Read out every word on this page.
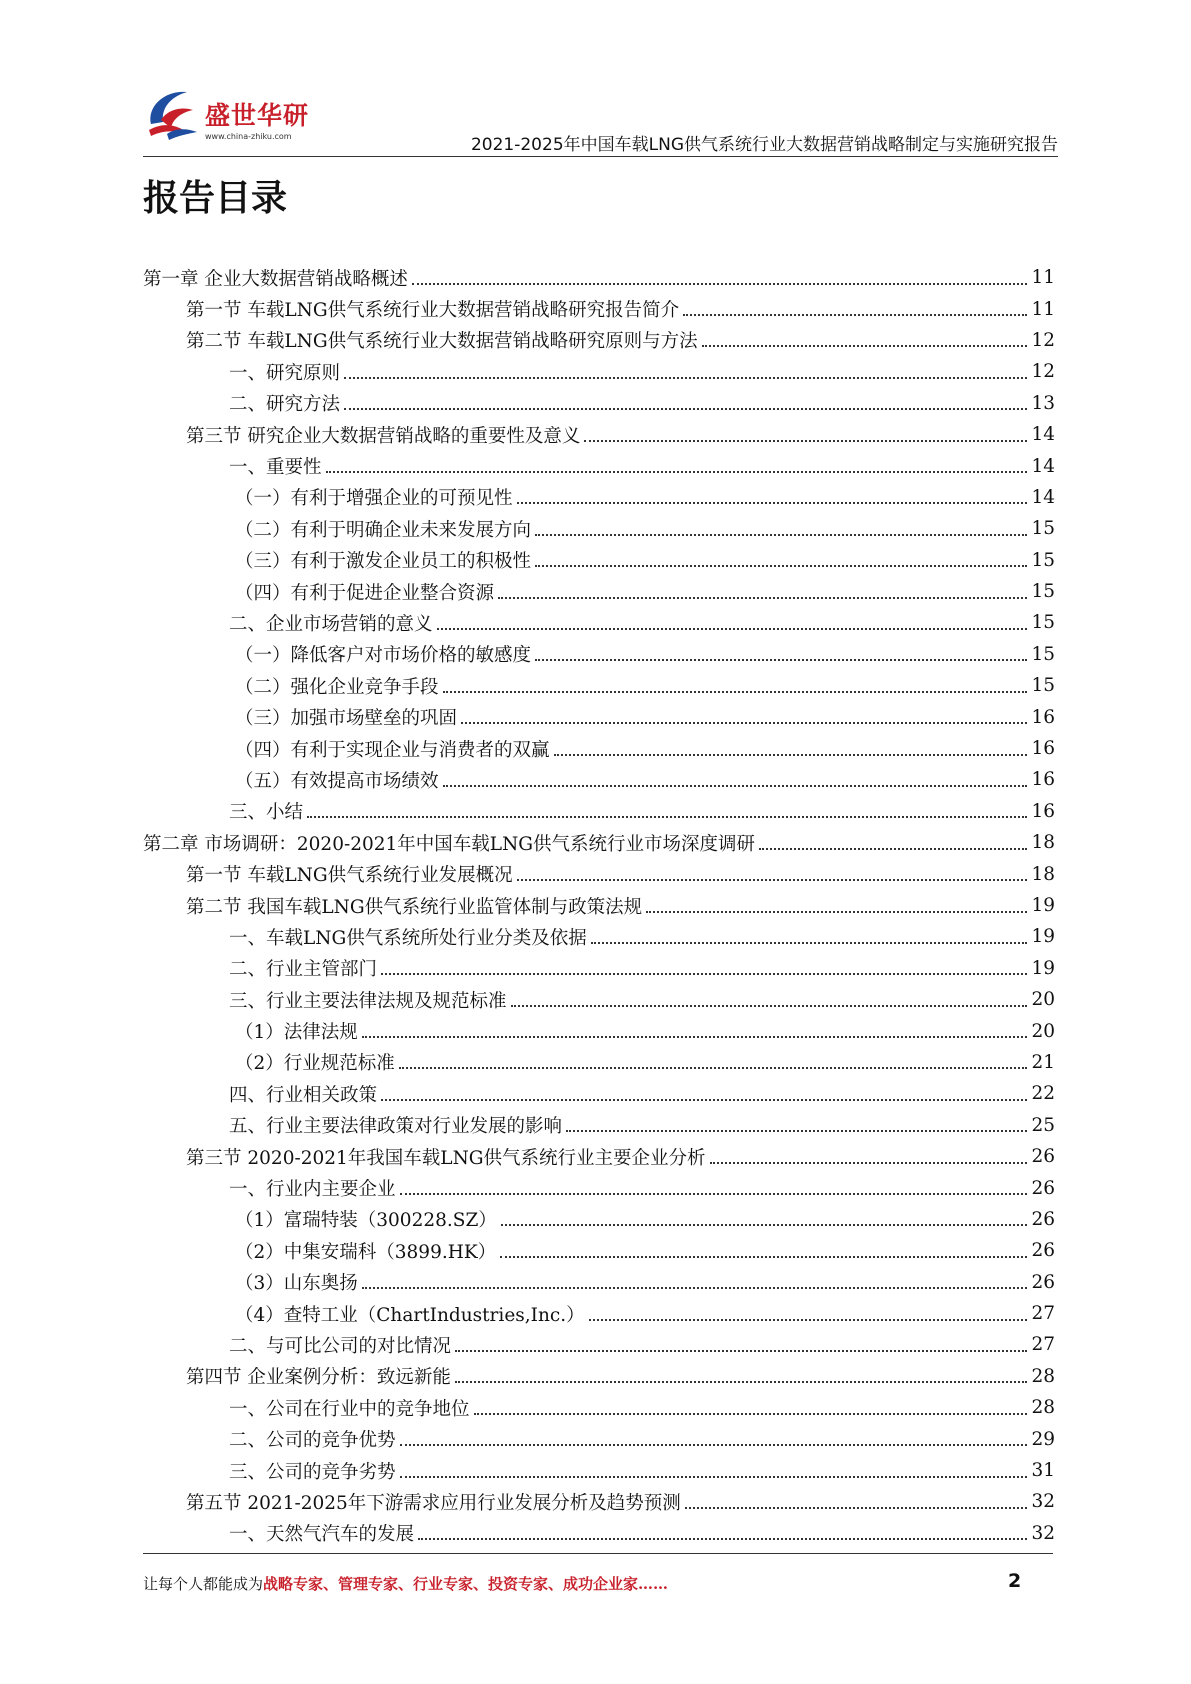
盛世华研
www.china-zhiku.com	2021-2025年中国车载LNG供气系统行业大数据营销战略制定与实施研究报告
报告目录
第一章 企业大数据营销战略概述	11
第一节 车载LNG供气系统行业大数据营销战略研究报告简介	11
第二节 车载LNG供气系统行业大数据营销战略研究原则与方法	12
一、研究原则	12
二、研究方法	13
第三节 研究企业大数据营销战略的重要性及意义	14
一、重要性	14
（一）有利于增强企业的可预见性	14
（二）有利于明确企业未来发展方向	15
（三）有利于激发企业员工的积极性	15
（四）有利于促进企业整合资源	15
二、企业市场营销的意义	15
（一）降低客户对市场价格的敏感度	15
（二）强化企业竞争手段	15
（三）加强市场壁垒的巩固	16
（四）有利于实现企业与消费者的双赢	16
（五）有效提高市场绩效	16
三、小结	16
第二章 市场调研：2020-2021年中国车载LNG供气系统行业市场深度调研	18
第一节 车载LNG供气系统行业发展概况	18
第二节 我国车载LNG供气系统行业监管体制与政策法规	19
一、车载LNG供气系统所处行业分类及依据	19
二、行业主管部门	19
三、行业主要法律法规及规范标准	20
（1）法律法规	20
（2）行业规范标准	21
四、行业相关政策	22
五、行业主要法律政策对行业发展的影响	25
第三节 2020-2021年我国车载LNG供气系统行业主要企业分析	26
一、行业内主要企业	26
（1）富瑞特装（300228.SZ）	26
（2）中集安瑞科（3899.HK）	26
（3）山东奥扬	26
（4）查特工业（ChartIndustries,Inc.）	27
二、与可比公司的对比情况	27
第四节 企业案例分析：致远新能	28
一、公司在行业中的竞争地位	28
二、公司的竞争优势	29
三、公司的竞争劣势	31
第五节 2021-2025年下游需求应用行业发展分析及趋势预测	32
一、天然气汽车的发展	32
让每个人都能成为战略专家、管理专家、行业专家、投资专家、成功企业家……	2
